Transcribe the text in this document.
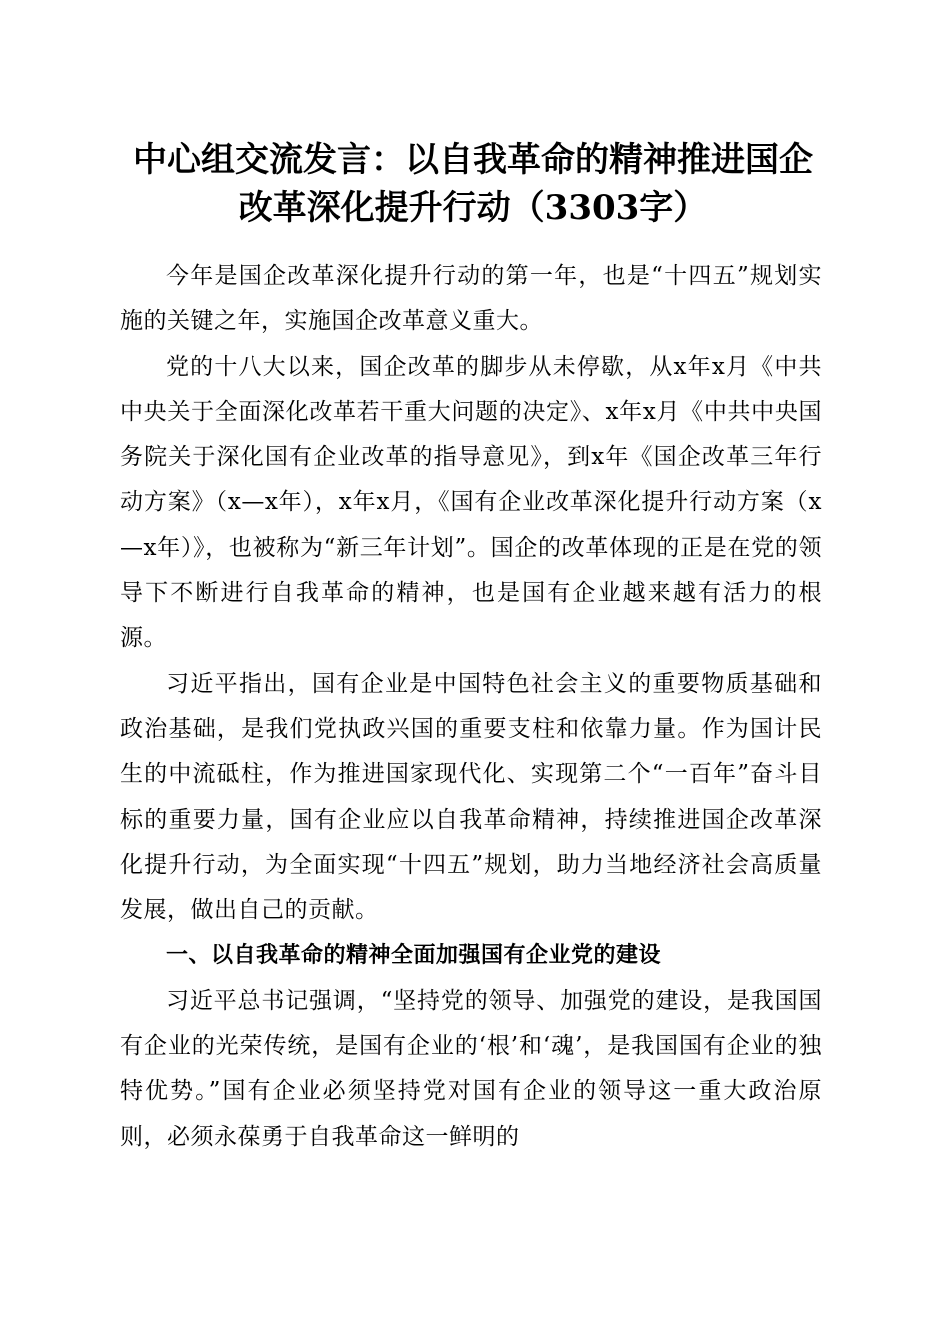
中心组交流发言：以自我革命的精神推进国企
改革深化提升行动（3303字）

今年是国企改革深化提升行动的第一年，也是“十四五”规划实施的关键之年，实施国企改革意义重大。

党的十八大以来，国企改革的脚步从未停歇，从x年x月《中共中央关于全面深化改革若干重大问题的决定》、x年x月《中共中央国务院关于深化国有企业改革的指导意见》，到x年《国企改革三年行动方案》（x—x年），x年x月，《国有企业改革深化提升行动方案（x—x年）》，也被称为“新三年计划”。国企的改革体现的正是在党的领导下不断进行自我革命的精神，也是国有企业越来越有活力的根源。

习近平指出，国有企业是中国特色社会主义的重要物质基础和政治基础，是我们党执政兴国的重要支柱和依靠力量。作为国计民生的中流砥柱，作为推进国家现代化、实现第二个“一百年”奋斗目标的重要力量，国有企业应以自我革命精神，持续推进国企改革深化提升行动，为全面实现“十四五”规划，助力当地经济社会高质量发展，做出自己的贡献。

一、以自我革命的精神全面加强国有企业党的建设

习近平总书记强调，“坚持党的领导、加强党的建设，是我国国有企业的光荣传统，是国有企业的‘根’和‘魂’，是我国国有企业的独特优势。”国有企业必须坚持党对国有企业的领导这一重大政治原则，必须永葆勇于自我革命这一鲜明的
